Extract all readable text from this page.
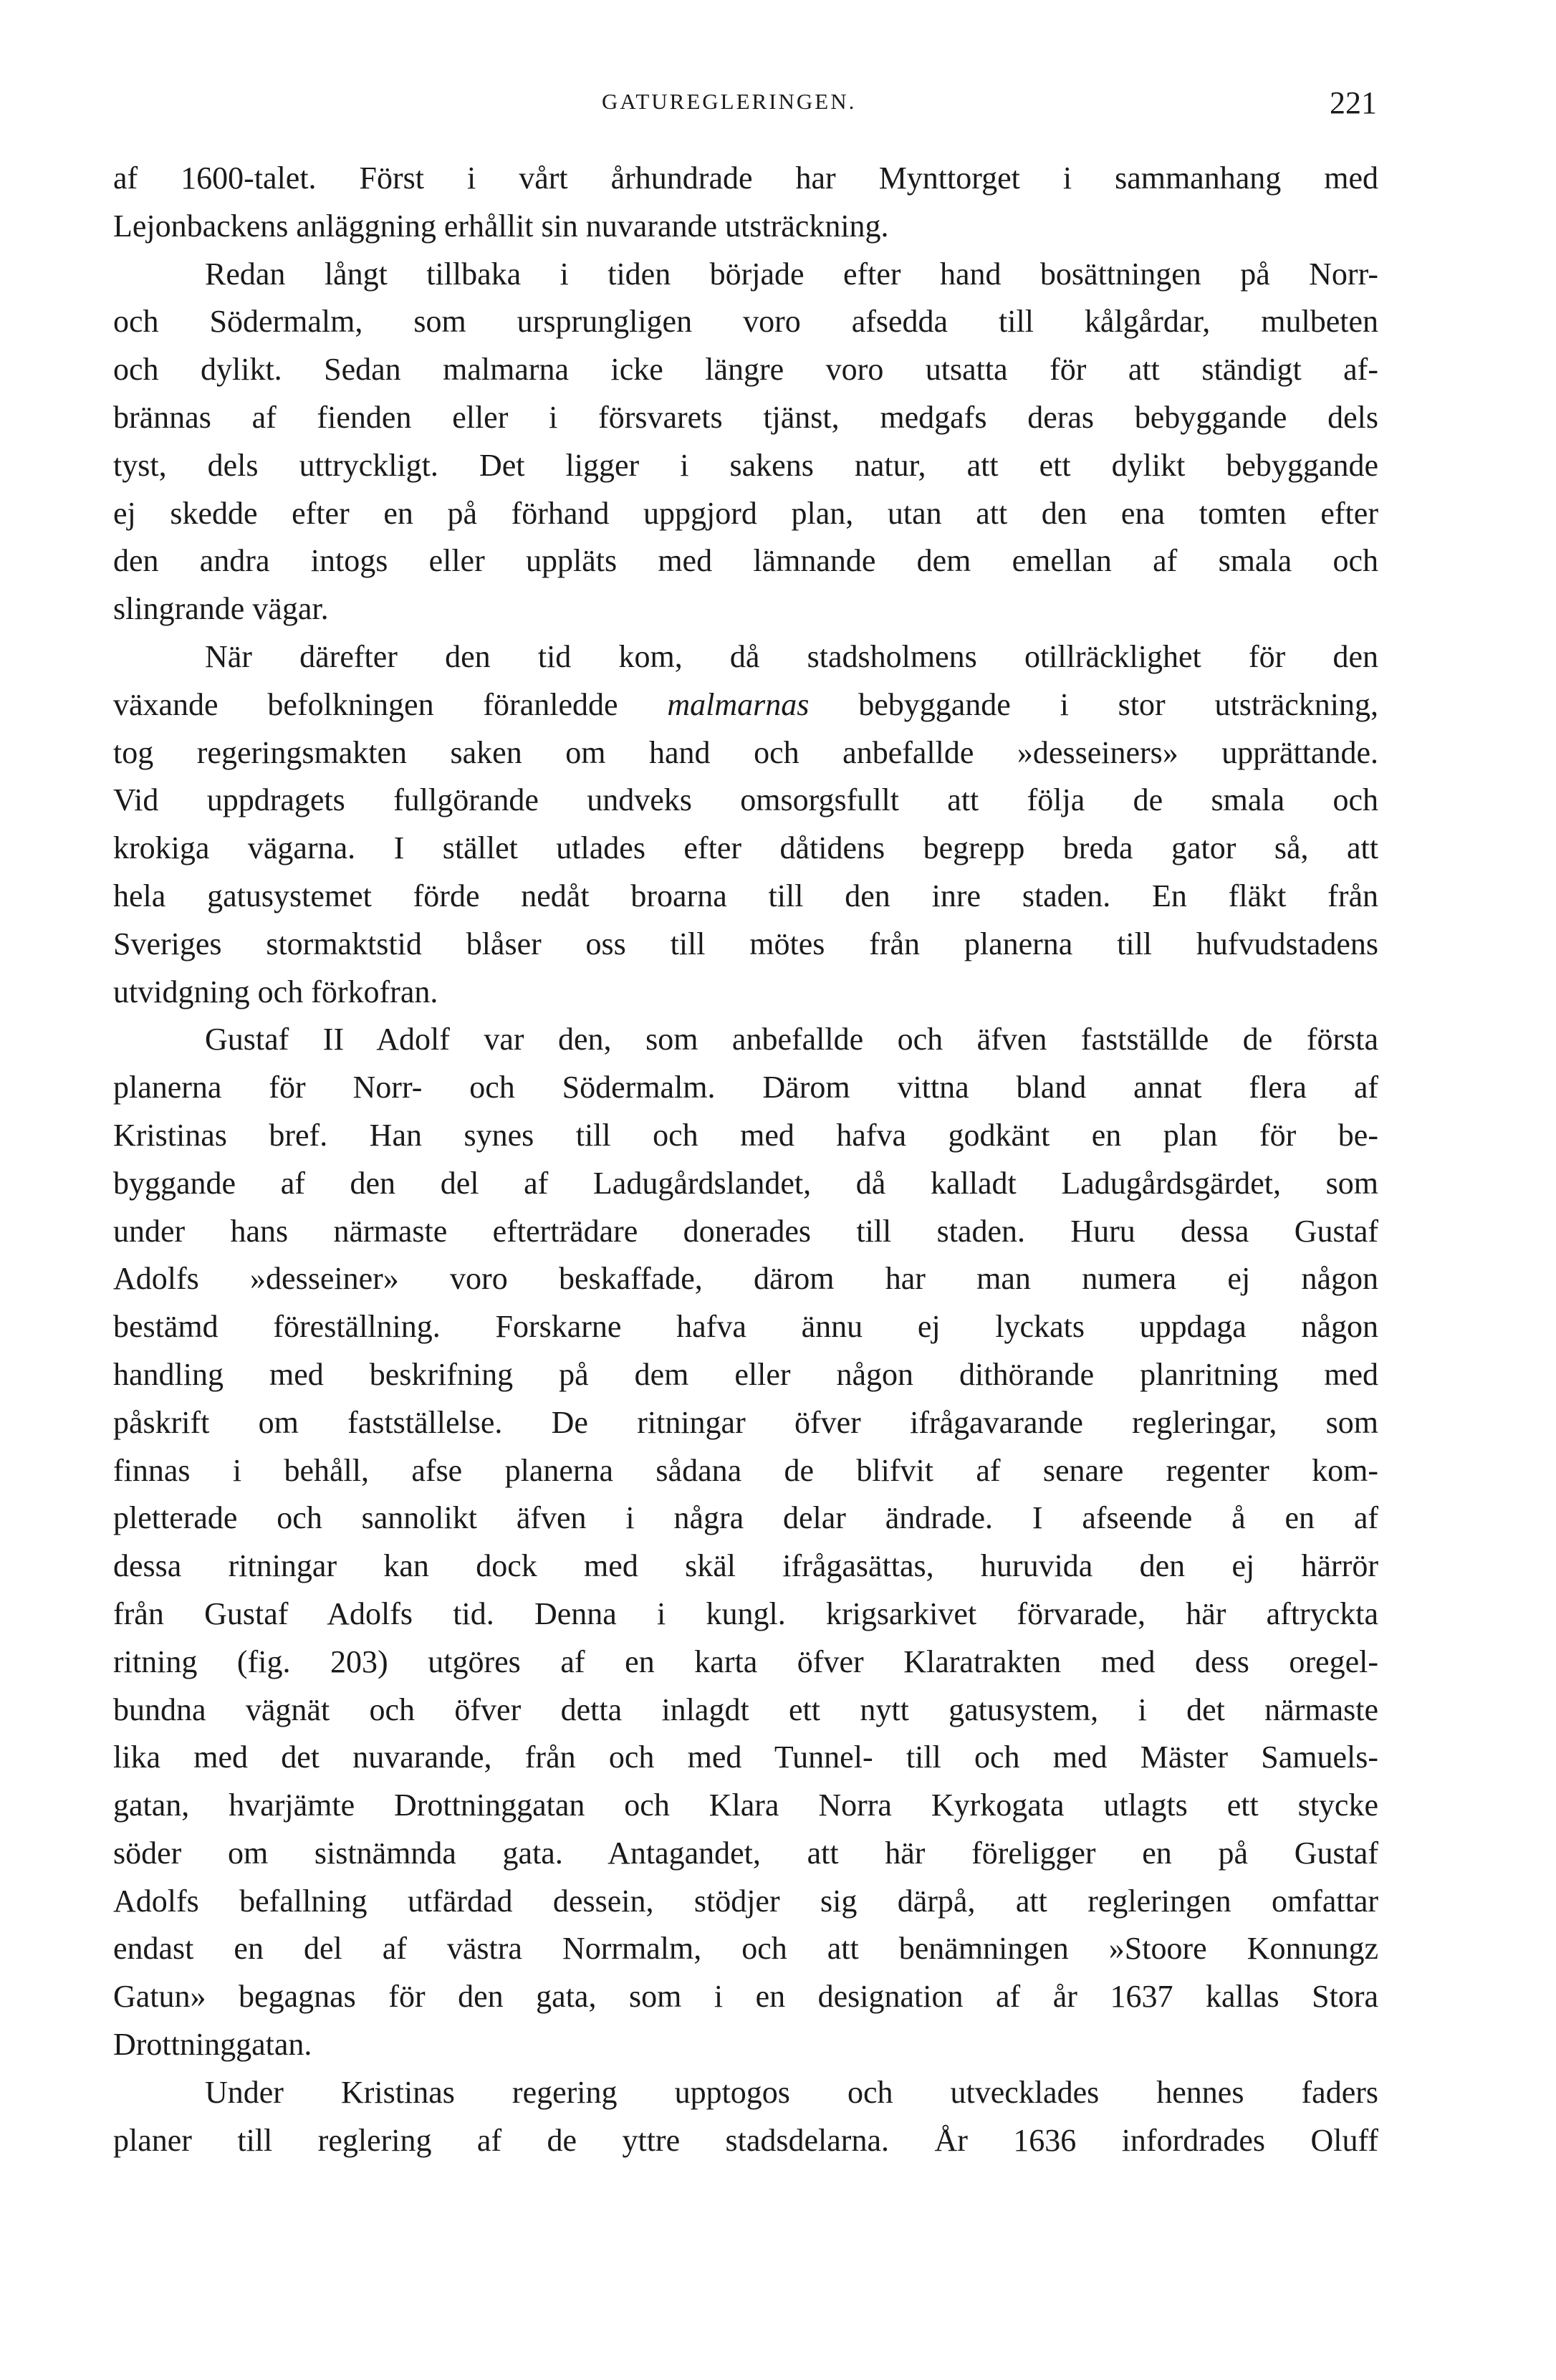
GATUREGLERINGEN.	221
af 1600-talet. Först i vårt århundrade har Mynttorget i sammanhang med
Lejonbackens anläggning erhållit sin nuvarande utsträckning.
Redan långt tillbaka i tiden började efter hand bosättningen på Norr-
och Södermalm, som ursprungligen voro afsedda till kålgårdar, mulbeten
och dylikt. Sedan malmarna icke längre voro utsatta för att ständigt af-
brännas af fienden eller i försvarets tjänst, medgafs deras bebyggande dels
tyst, dels uttryckligt. Det ligger i sakens natur, att ett dylikt bebyggande
ej skedde efter en på förhand uppgjord plan, utan att den ena tomten efter
den andra intogs eller uppläts med lämnande dem emellan af smala och
slingrande vägar.
När därefter den tid kom, då stadsholmens otillräcklighet för den
växande befolkningen föranledde malmarnas bebyggande i stor utsträckning,
tog regeringsmakten saken om hand och anbefallde »desseiners» upprättande.
Vid uppdragets fullgörande undveks omsorgsfullt att följa de smala och
krokiga vägarna. I stället utlades efter dåtidens begrepp breda gator så, att
hela gatusystemet förde nedåt broarna till den inre staden. En fläkt från
Sveriges stormaktstid blåser oss till mötes från planerna till hufvudstadens
utvidgning och förkofran.
Gustaf II Adolf var den, som anbefallde och äfven fastställde de första
planerna för Norr- och Södermalm. Därom vittna bland annat flera af
Kristinas bref. Han synes till och med hafva godkänt en plan för be-
byggande af den del af Ladugårdslandet, då kalladt Ladugårdsgärdet, som
under hans närmaste efterträdare donerades till staden. Huru dessa Gustaf
Adolfs »desseiner» voro beskaffade, därom har man numera ej någon
bestämd föreställning. Forskarne hafva ännu ej lyckats uppdaga någon
handling med beskrifning på dem eller någon dithörande planritning med
påskrift om fastställelse. De ritningar öfver ifrågavarande regleringar, som
finnas i behåll, afse planerna sådana de blifvit af senare regenter kom-
pletterade och sannolikt äfven i några delar ändrade. I afseende å en af
dessa ritningar kan dock med skäl ifrågasättas, huruvida den ej härrör
från Gustaf Adolfs tid. Denna i kungl. krigsarkivet förvarade, här aftryckta
ritning (fig. 203) utgöres af en karta öfver Klaratrakten med dess oregel-
bundna vägnät och öfver detta inlagdt ett nytt gatusystem, i det närmaste
lika med det nuvarande, från och med Tunnel- till och med Mäster Samuels-
gatan, hvarjämte Drottninggatan och Klara Norra Kyrkogata utlagts ett stycke
söder om sistnämnda gata. Antagandet, att här föreligger en på Gustaf
Adolfs befallning utfärdad dessein, stödjer sig därpå, att regleringen omfattar
endast en del af västra Norrmalm, och att benämningen »Stoore Konnungz
Gatun» begagnas för den gata, som i en designation af år 1637 kallas Stora
Drottninggatan.
Under Kristinas regering upptogos och utvecklades hennes faders
planer till reglering af de yttre stadsdelarna. År 1636 infordrades Oluff
